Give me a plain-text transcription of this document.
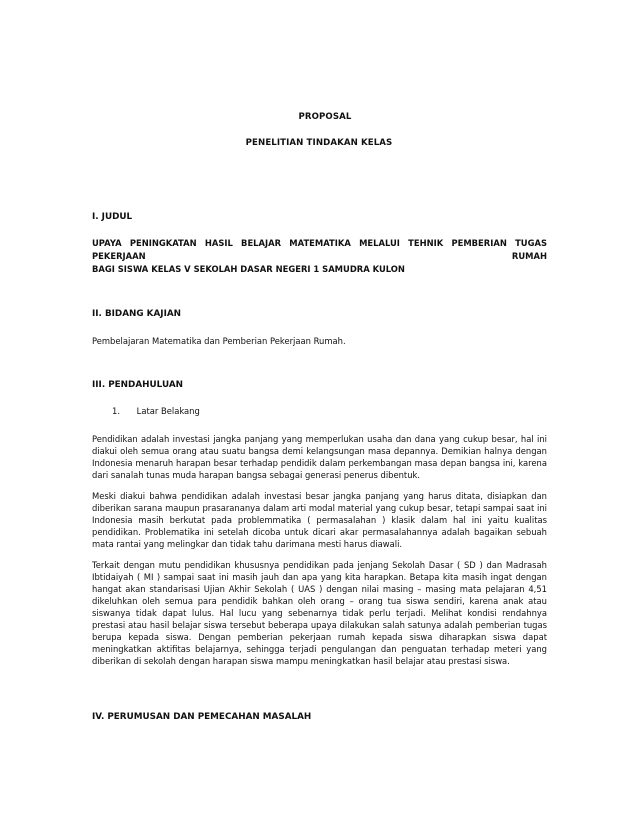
PROPOSAL

PENELITIAN TINDAKAN KELAS

I. JUDUL

UPAYA PENINGKATAN HASIL BELAJAR MATEMATIKA MELALUI TEHNIK PEMBERIAN TUGAS
PEKERJAAN	RUMAH
BAGI SISWA KELAS V SEKOLAH DASAR NEGERI 1 SAMUDRA KULON

II. BIDANG KAJIAN

Pembelajaran Matematika dan Pemberian Pekerjaan Rumah.

III. PENDAHULUAN

1. Latar Belakang
Pendidikan adalah investasi jangka panjang yang memperlukan usaha dan dana yang cukup besar, hal ini
diakui oleh semua orang atau suatu bangsa demi kelangsungan masa depannya. Demikian halnya dengan
Indonesia menaruh harapan besar terhadap pendidik dalam perkembangan masa depan bangsa ini, karena
dari sanalah tunas muda harapan bangsa sebagai generasi penerus dibentuk.
Meski diakui bahwa pendidikan adalah investasi besar jangka panjang yang harus ditata, disiapkan dan
diberikan sarana maupun prasarananya dalam arti modal material yang cukup besar, tetapi sampai saat ini
Indonesia masih berkutat pada problemmatika ( permasalahan ) klasik dalam hal ini yaitu kualitas
pendidikan. Problematika ini setelah dicoba untuk dicari akar permasalahannya adalah bagaikan sebuah
mata rantai yang melingkar dan tidak tahu darimana mesti harus diawali.
Terkait dengan mutu pendidikan khususnya pendidikan pada jenjang Sekolah Dasar ( SD ) dan Madrasah
Ibtidaiyah ( MI ) sampai saat ini masih jauh dan apa yang kita harapkan. Betapa kita masih ingat dengan
hangat akan standarisasi Ujian Akhir Sekolah ( UAS ) dengan nilai masing – masing mata pelajaran 4,51
dikeluhkan oleh semua para pendidik bahkan oleh orang – orang tua siswa sendiri, karena anak atau
siswanya tidak dapat lulus. Hal lucu yang sebenarnya tidak perlu terjadi. Melihat kondisi rendahnya
prestasi atau hasil belajar siswa tersebut beberapa upaya dilakukan salah satunya adalah pemberian tugas
berupa kepada siswa. Dengan pemberian pekerjaan rumah kepada siswa diharapkan siswa dapat
meningkatkan aktifitas belajarnya, sehingga terjadi pengulangan dan penguatan terhadap meteri yang
diberikan di sekolah dengan harapan siswa mampu meningkatkan hasil belajar atau prestasi siswa.

IV. PERUMUSAN DAN PEMECAHAN MASALAH
